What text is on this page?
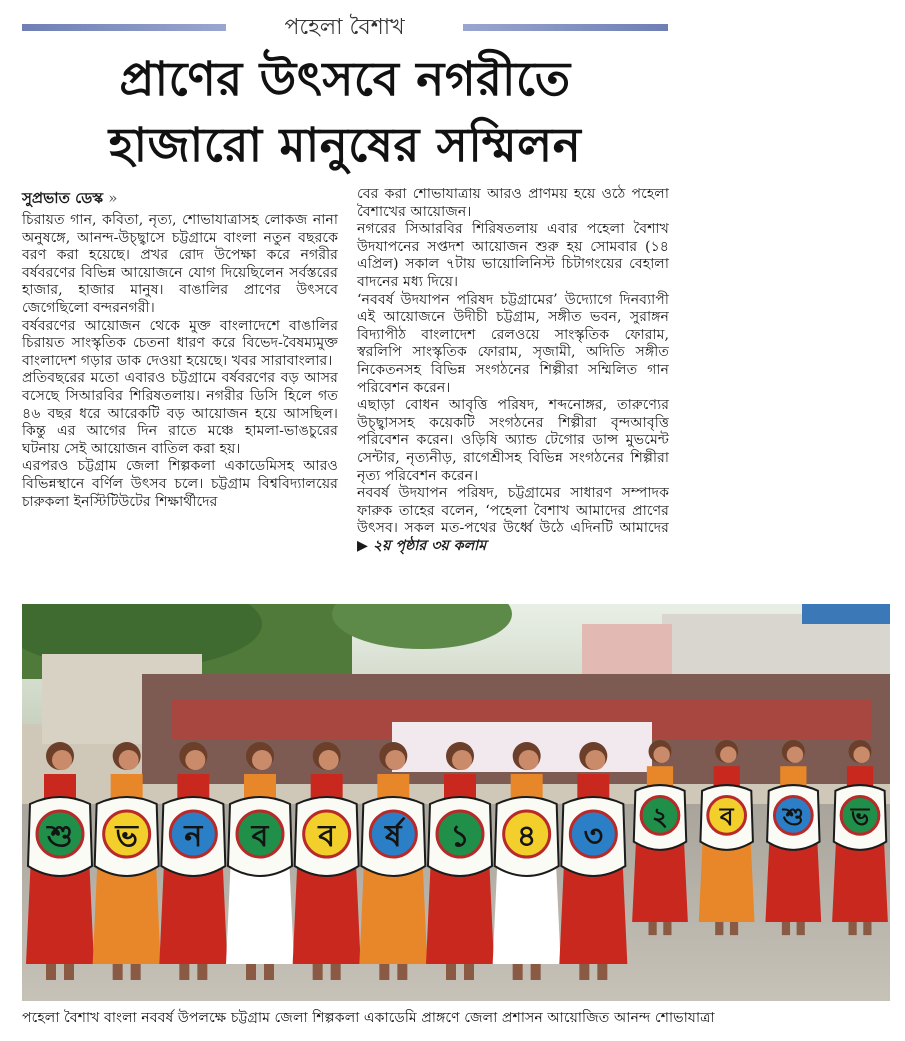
পহেলা বৈশাখ
প্রাণের উৎসবে নগরীতে
হাজারো মানুষের সম্মিলন
সুপ্রভাত ডেস্ক »

চিরায়ত গান, কবিতা, নৃত্য, শোভাযাত্রাসহ লোকজ নানা অনুষঙ্গে, আনন্দ-উচ্ছ্বাসে চট্টগ্রামে বাংলা নতুন বছরকে বরণ করা হয়েছে। প্রখর রোদ উপেক্ষা করে নগরীর বর্ষবরণের বিভিন্ন আয়োজনে যোগ দিয়েছিলেন সর্বস্তরের হাজার, হাজার মানুষ। বাঙালির প্রাণের উৎসবে জেগেছিলো বন্দরনগরী।

বর্ষবরণের আয়োজন থেকে মুক্ত বাংলাদেশে বাঙালির চিরায়ত সাংস্কৃতিক চেতনা ধারণ করে বিভেদ-বৈষম্যমুক্ত বাংলাদেশ গড়ার ডাক দেওয়া হয়েছে। খবর সারাবাংলার।

প্রতিবছরের মতো এবারও চট্টগ্রামে বর্ষবরণের বড় আসর বসেছে সিআরবির শিরিষতলায়। নগরীর ডিসি হিলে গত ৪৬ বছর ধরে আরেকটি বড় আয়োজন হয়ে আসছিল। কিন্তু এর আগের দিন রাতে মঞ্চে হামলা-ভাঙচুরের ঘটনায় সেই আয়োজন বাতিল করা হয়।

এরপরও চট্টগ্রাম জেলা শিল্পকলা একাডেমিসহ আরও বিভিন্নস্থানে বর্ণিল উৎসব চলে। চট্টগ্রাম বিশ্ববিদ্যালয়ের চারুকলা ইনস্টিটিউটের শিক্ষার্থীদের

বের করা শোভাযাত্রায় আরও প্রাণময় হয়ে ওঠে পহেলা বৈশাখের আয়োজন।

নগরের সিআরবির শিরিষতলায় এবার পহেলা বৈশাখ উদযাপনের সপ্তদশ আয়োজন শুরু হয় সোমবার (১৪ এপ্রিল) সকাল ৭টায় ভায়োলিনিস্ট চিটাগংয়ের বেহালা বাদনের মধ্য দিয়ে।

‘নববর্ষ উদযাপন পরিষদ চট্টগ্রামের’ উদ্যোগে দিনব্যাপী এই আয়োজনে উদীচী চট্টগ্রাম, সঙ্গীত ভবন, সুরাঙ্গন বিদ্যাপীঠ বাংলাদেশ রেলওয়ে সাংস্কৃতিক ফোরাম, স্বরলিপি সাংস্কৃতিক ফোরাম, সৃজামী, অদিতি সঙ্গীত নিকেতনসহ বিভিন্ন সংগঠনের শিল্পীরা সম্মিলিত গান পরিবেশন করেন।

এছাড়া বোধন আবৃত্তি পরিষদ, শব্দনোঙ্গর, তারুণ্যের উচ্ছ্বাসসহ কয়েকটি সংগঠনের শিল্পীরা বৃন্দআবৃত্তি পরিবেশন করেন। ওড়িষি অ্যান্ড টেগোর ডান্স মুভমেন্ট সেন্টার, নৃত্যনীড়, রাগেশ্রীসহ বিভিন্ন সংগঠনের শিল্পীরা নৃত্য পরিবেশন করেন।

নববর্ষ উদযাপন পরিষদ, চট্টগ্রামের সাধারণ সম্পাদক ফারুক তাহের বলেন, ‘পহেলা বৈশাখ আমাদের প্রাণের উৎসব। সকল মত-পথের উর্ধ্বে উঠে এদিনটি আমাদের ▶ ২য় পৃষ্ঠার ৩য় কলাম

শু ভ ন ব ব র্ষ ১ ৪ ৩
২ ব শু ভ
পহেলা বৈশাখ বাংলা নববর্ষ উপলক্ষে চট্টগ্রাম জেলা শিল্পকলা একাডেমি প্রাঙ্গণে জেলা প্রশাসন আয়োজিত আনন্দ শোভাযাত্রা
